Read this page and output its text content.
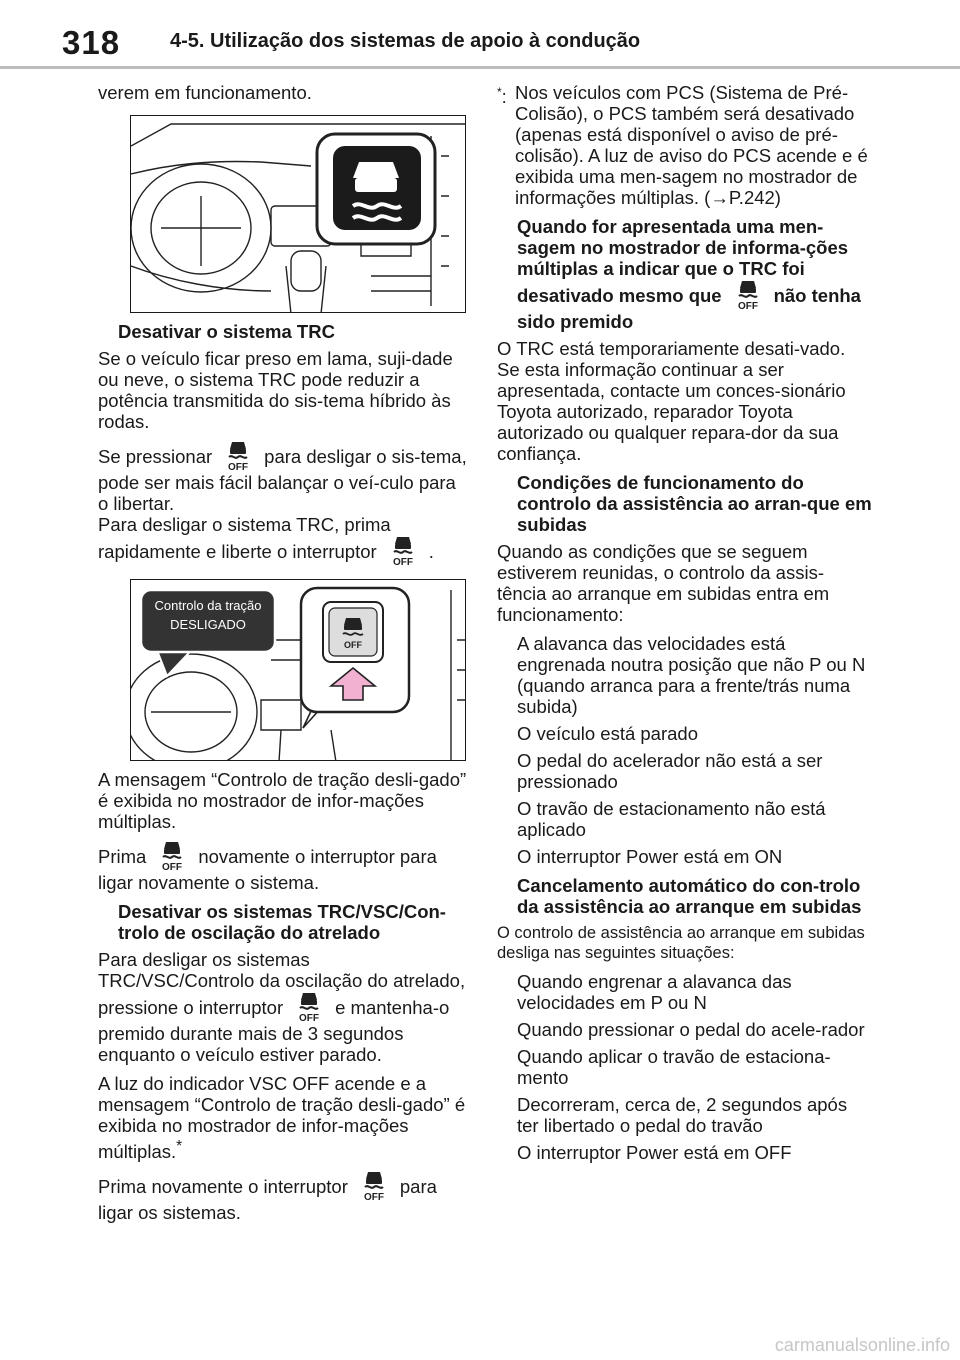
318 4-5. Utilização dos sistemas de apoio à condução

verem em funcionamento.

Desativar o sistema TRC

Se o veículo ficar preso em lama, suji-dade ou neve, o sistema TRC pode reduzir a potência transmitida do sis-tema híbrido às rodas.

Se pressionar
OFF
para desligar o sis-tema, pode ser mais fácil balançar o veí-culo para o libertar.
Para desligar o sistema TRC, prima rapidamente e liberte o interruptor
OFF
.

OFF
Controlo da tração
DESLIGADO

A mensagem “Controlo de tração desli-gado” é exibida no mostrador de infor-mações múltiplas.

Prima
OFF
novamente o interruptor para ligar novamente o sistema.

Desativar os sistemas TRC/VSC/Con-trolo de oscilação do atrelado

Para desligar os sistemas TRC/VSC/Controlo da oscilação do atrelado, pressione o interruptor
OFF
e mantenha-o premido durante mais de 3 segundos enquanto o veículo estiver parado.

A luz do indicador VSC OFF acende e a mensagem “Controlo de tração desli-gado” é exibida no mostrador de infor-mações múltiplas.*

Prima novamente o interruptor
OFF
para ligar os sistemas.

*: Nos veículos com PCS (Sistema de Pré-Colisão), o PCS também será desativado (apenas está disponível o aviso de pré-colisão). A luz de aviso do PCS acende e é exibida uma men-sagem no mostrador de informações múltiplas. (→P.242)

Quando for apresentada uma men-sagem no mostrador de informa-ções múltiplas a indicar que o TRC foi desativado mesmo que
OFF
não tenha sido premido

O TRC está temporariamente desati-vado. Se esta informação continuar a ser apresentada, contacte um conces-sionário Toyota autorizado, reparador Toyota autorizado ou qualquer repara-dor da sua confiança.

Condições de funcionamento do controlo da assistência ao arran-que em subidas

Quando as condições que se seguem estiverem reunidas, o controlo da assis-tência ao arranque em subidas entra em funcionamento:

A alavanca das velocidades está engrenada noutra posição que não P ou N (quando arranca para a frente/trás numa subida)

O veículo está parado

O pedal do acelerador não está a ser pressionado

O travão de estacionamento não está aplicado

O interruptor Power está em ON

Cancelamento automático do con-trolo da assistência ao arranque em subidas

O controlo de assistência ao arranque em subidas desliga nas seguintes situações:

Quando engrenar a alavanca das velocidades em P ou N

Quando pressionar o pedal do acele-rador

Quando aplicar o travão de estaciona-mento

Decorreram, cerca de, 2 segundos após ter libertado o pedal do travão

O interruptor Power está em OFF

carmanualsonline.info
